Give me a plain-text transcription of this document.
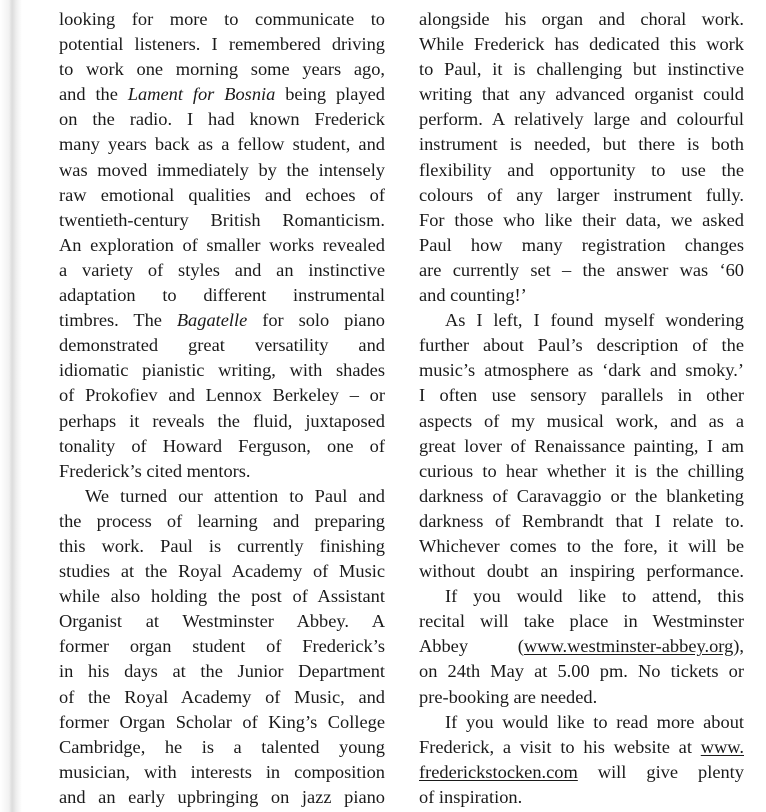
looking for more to communicate to
potential listeners. I remembered driving
to work one morning some years ago,
and the Lament for Bosnia being played
on the radio. I had known Frederick
many years back as a fellow student, and
was moved immediately by the intensely
raw emotional qualities and echoes of
twentieth-century British Romanticism.
An exploration of smaller works revealed
a variety of styles and an instinctive
adaptation to different instrumental
timbres. The Bagatelle for solo piano
demonstrated great versatility and
idiomatic pianistic writing, with shades
of Prokofiev and Lennox Berkeley – or
perhaps it reveals the fluid, juxtaposed
tonality of Howard Ferguson, one of
Frederick’s cited mentors.
We turned our attention to Paul and
the process of learning and preparing
this work. Paul is currently finishing
studies at the Royal Academy of Music
while also holding the post of Assistant
Organist at Westminster Abbey. A
former organ student of Frederick’s
in his days at the Junior Department
of the Royal Academy of Music, and
former Organ Scholar of King’s College
Cambridge, he is a talented young
musician, with interests in composition
and an early upbringing on jazz piano
alongside his organ and choral work.
While Frederick has dedicated this work
to Paul, it is challenging but instinctive
writing that any advanced organist could
perform. A relatively large and colourful
instrument is needed, but there is both
flexibility and opportunity to use the
colours of any larger instrument fully.
For those who like their data, we asked
Paul how many registration changes
are currently set – the answer was ‘60
and counting!’
As I left, I found myself wondering
further about Paul’s description of the
music’s atmosphere as ‘dark and smoky.’
I often use sensory parallels in other
aspects of my musical work, and as a
great lover of Renaissance painting, I am
curious to hear whether it is the chilling
darkness of Caravaggio or the blanketing
darkness of Rembrandt that I relate to.
Whichever comes to the fore, it will be
without doubt an inspiring performance.
If you would like to attend, this
recital will take place in Westminster
Abbey	(www.westminster-abbey.org),
on 24th May at 5.00 pm. No tickets or
pre-booking are needed.
If you would like to read more about
Frederick, a visit to his website at www.
frederickstocken.com will give plenty
of inspiration.
